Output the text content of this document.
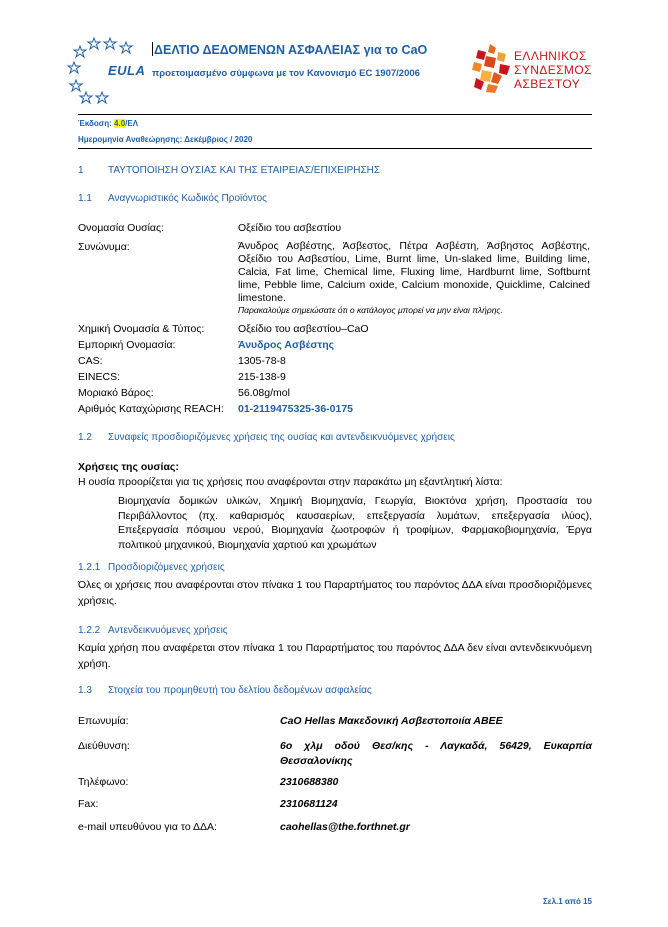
EULA
ΔΕΛΤΙΟ ΔΕΔΟΜΕΝΩΝ ΑΣΦΑΛΕΙΑΣ για το CaO
προετοιμασμένο σύμφωνα με τον Κανονισμό EC 1907/2006
ΕΛΛΗΝΙΚΟΣ
ΣΥΝΔΕΣΜΟΣ
ΑΣΒΕΣΤΟΥ
Έκδοση: 4.0/ΕΛ
Ημερομηνία Αναθεώρησης: Δεκέμβριος / 2020
1 ΤΑΥΤΟΠΟΙΗΣΗ ΟΥΣΙΑΣ ΚΑΙ ΤΗΣ ΕΤΑΙΡΕΙΑΣ/ΕΠΙΧΕΙΡΗΣΗΣ
1.1 Αναγνωριστικός Κωδικός Προϊόντος
Ονομασία Ουσίας:	Οξείδιο του ασβεστίου
Συνώνυμα:	Άνυδρος Ασβέστης, Άσβεστος, Πέτρα Ασβέστη, Άσβηστος Ασβέστης, Οξείδιο του Ασβεστίου, Lime, Burnt lime, Un-slaked lime, Building lime, Calcia, Fat lime, Chemical lime, Fluxing lime, Hardburnt lime, Softburnt lime, Pebble lime, Calcium oxide, Calcium monoxide, Quicklime, Calcined limestone.
Παρακαλούμε σημειώσατε ότι ο κατάλογος μπορεί να μην είναι πλήρης.
Χημική Ονομασία & Τύπος:	Οξείδιο του ασβεστίου–CaO
Εμπορική Ονομασία:	Άνυδρος Ασβέστης
CAS:	1305-78-8
EINECS:	215-138-9
Μοριακό Βάρος:	56.08g/mol
Αριθμός Καταχώρισης REACH: 01-2119475325-36-0175
1.2 Συναφείς προσδιοριζόμενες χρήσεις της ουσίας και αντενδεικνυόμενες χρήσεις
Χρήσεις της ουσίας:
Η ουσία προορίζεται για τις χρήσεις που αναφέρονται στην παρακάτω μη εξαντλητική λίστα:
Βιομηχανία δομικών υλικών, Χημική Βιομηχανία, Γεωργία, Βιοκτόνα χρήση, Προστασία του Περιβάλλοντος (πχ. καθαρισμός καυσαερίων, επεξεργασία λυμάτων, επεξεργασία ιλύος), Επεξεργασία πόσιμου νερού, Βιομηχανία ζωοτροφών ή τροφίμων, Φαρμακοβιομηχανία, Έργα πολιτικού μηχανικού, Βιομηχανία χαρτιού και χρωμάτων
1.2.1 Προσδιοριζόμενες χρήσεις
Όλες οι χρήσεις που αναφέρονται στον πίνακα 1 του Παραρτήματος του παρόντος ΔΔΑ είναι προσδιοριζόμενες χρήσεις.
1.2.2 Αντενδεικνυόμενες χρήσεις
Καμία χρήση που αναφέρεται στον πίνακα 1 του Παραρτήματος του παρόντος ΔΔΑ δεν είναι αντενδεικνυόμενη χρήση.
1.3 Στοιχεία του προμηθευτή του δελτίου δεδομένων ασφαλείας
Επωνυμία:	CaO Hellas Μακεδονική Ασβεστοποιία ΑΒΕΕ
Διεύθυνση:	6ο χλμ οδού Θεσ/κης - Λαγκαδά, 56429, Ευκαρπία Θεσσαλονίκης
Τηλέφωνο:	2310688380
Fax:	2310681124
e-mail υπευθύνου για το ΔΔΑ:	caohellas@the.forthnet.gr
Σελ.1 από 15
